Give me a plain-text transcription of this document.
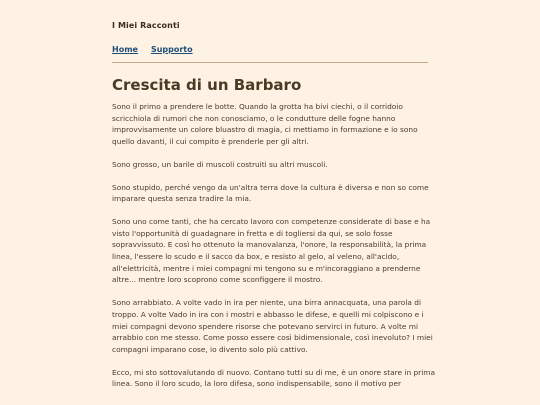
I Miei Racconti
Home Supporto
Crescita di un Barbaro

Sono il primo a prendere le botte. Quando la grotta ha bivi ciechi, o il corridoio scricchiola di rumori che non conosciamo, o le condutture delle fogne hanno improvvisamente un colore bluastro di magia, ci mettiamo in formazione e io sono quello davanti, il cui compito è prenderle per gli altri.

Sono grosso, un barile di muscoli costruiti su altri muscoli.

Sono stupido, perché vengo da un'altra terra dove la cultura è diversa e non so come imparare questa senza tradire la mia.

Sono uno come tanti, che ha cercato lavoro con competenze considerate di base e ha visto l'opportunità di guadagnare in fretta e di togliersi da qui, se solo fosse sopravvissuto. E così ho ottenuto la manovalanza, l'onore, la responsabilità, la prima linea, l'essere lo scudo e il sacco da box, e resisto al gelo, al veleno, all'acido, all'elettricità, mentre i miei compagni mi tengono su e m'incoraggiano a prenderne altre... mentre loro scoprono come sconfiggere il mostro.

Sono arrabbiato. A volte vado in ira per niente, una birra annacquata, una parola di troppo. A volte Vado in ira con i mostri e abbasso le difese, e quelli mi colpiscono e i miei compagni devono spendere risorse che potevano servirci in futuro. A volte mi arrabbio con me stesso. Come posso essere così bidimensionale, così inevoluto? I miei compagni imparano cose, io divento solo più cattivo.

Ecco, mi sto sottovalutando di nuovo. Contano tutti su di me, è un onore stare in prima linea. Sono il loro scudo, la loro difesa, sono indispensabile, sono il motivo per
